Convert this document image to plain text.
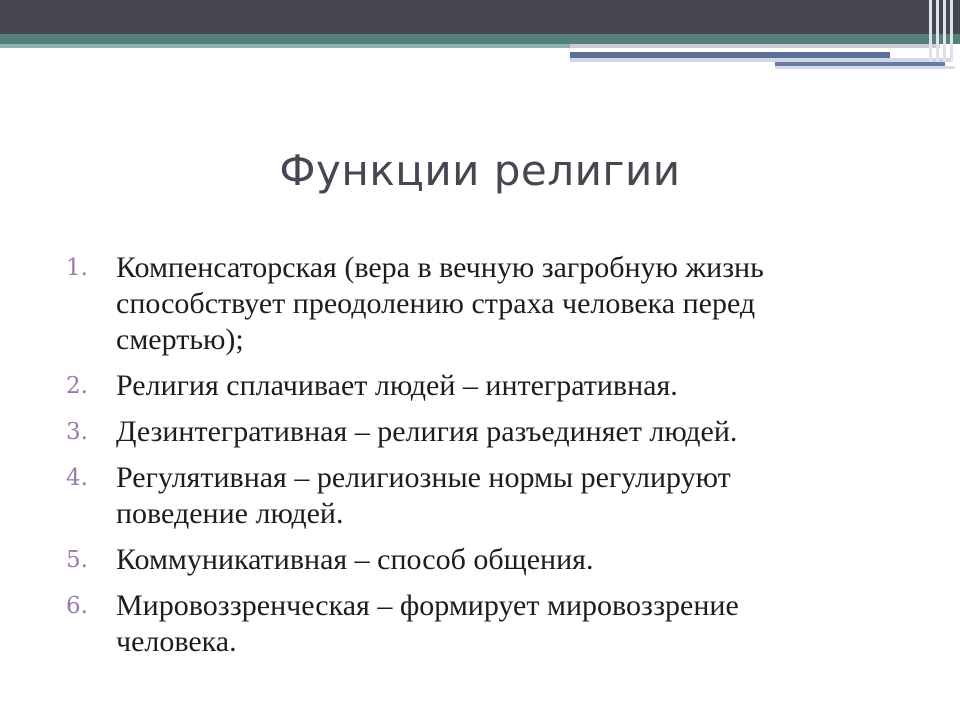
Функции религии
1. Компенсаторская (вера в вечную загробную жизнь способствует преодолению страха человека перед смертью);
2. Религия сплачивает людей – интегративная.
3. Дезинтегративная – религия разъединяет людей.
4. Регулятивная – религиозные нормы регулируют поведение людей.
5. Коммуникативная – способ общения.
6. Мировоззренческая – формирует мировоззрение человека.
